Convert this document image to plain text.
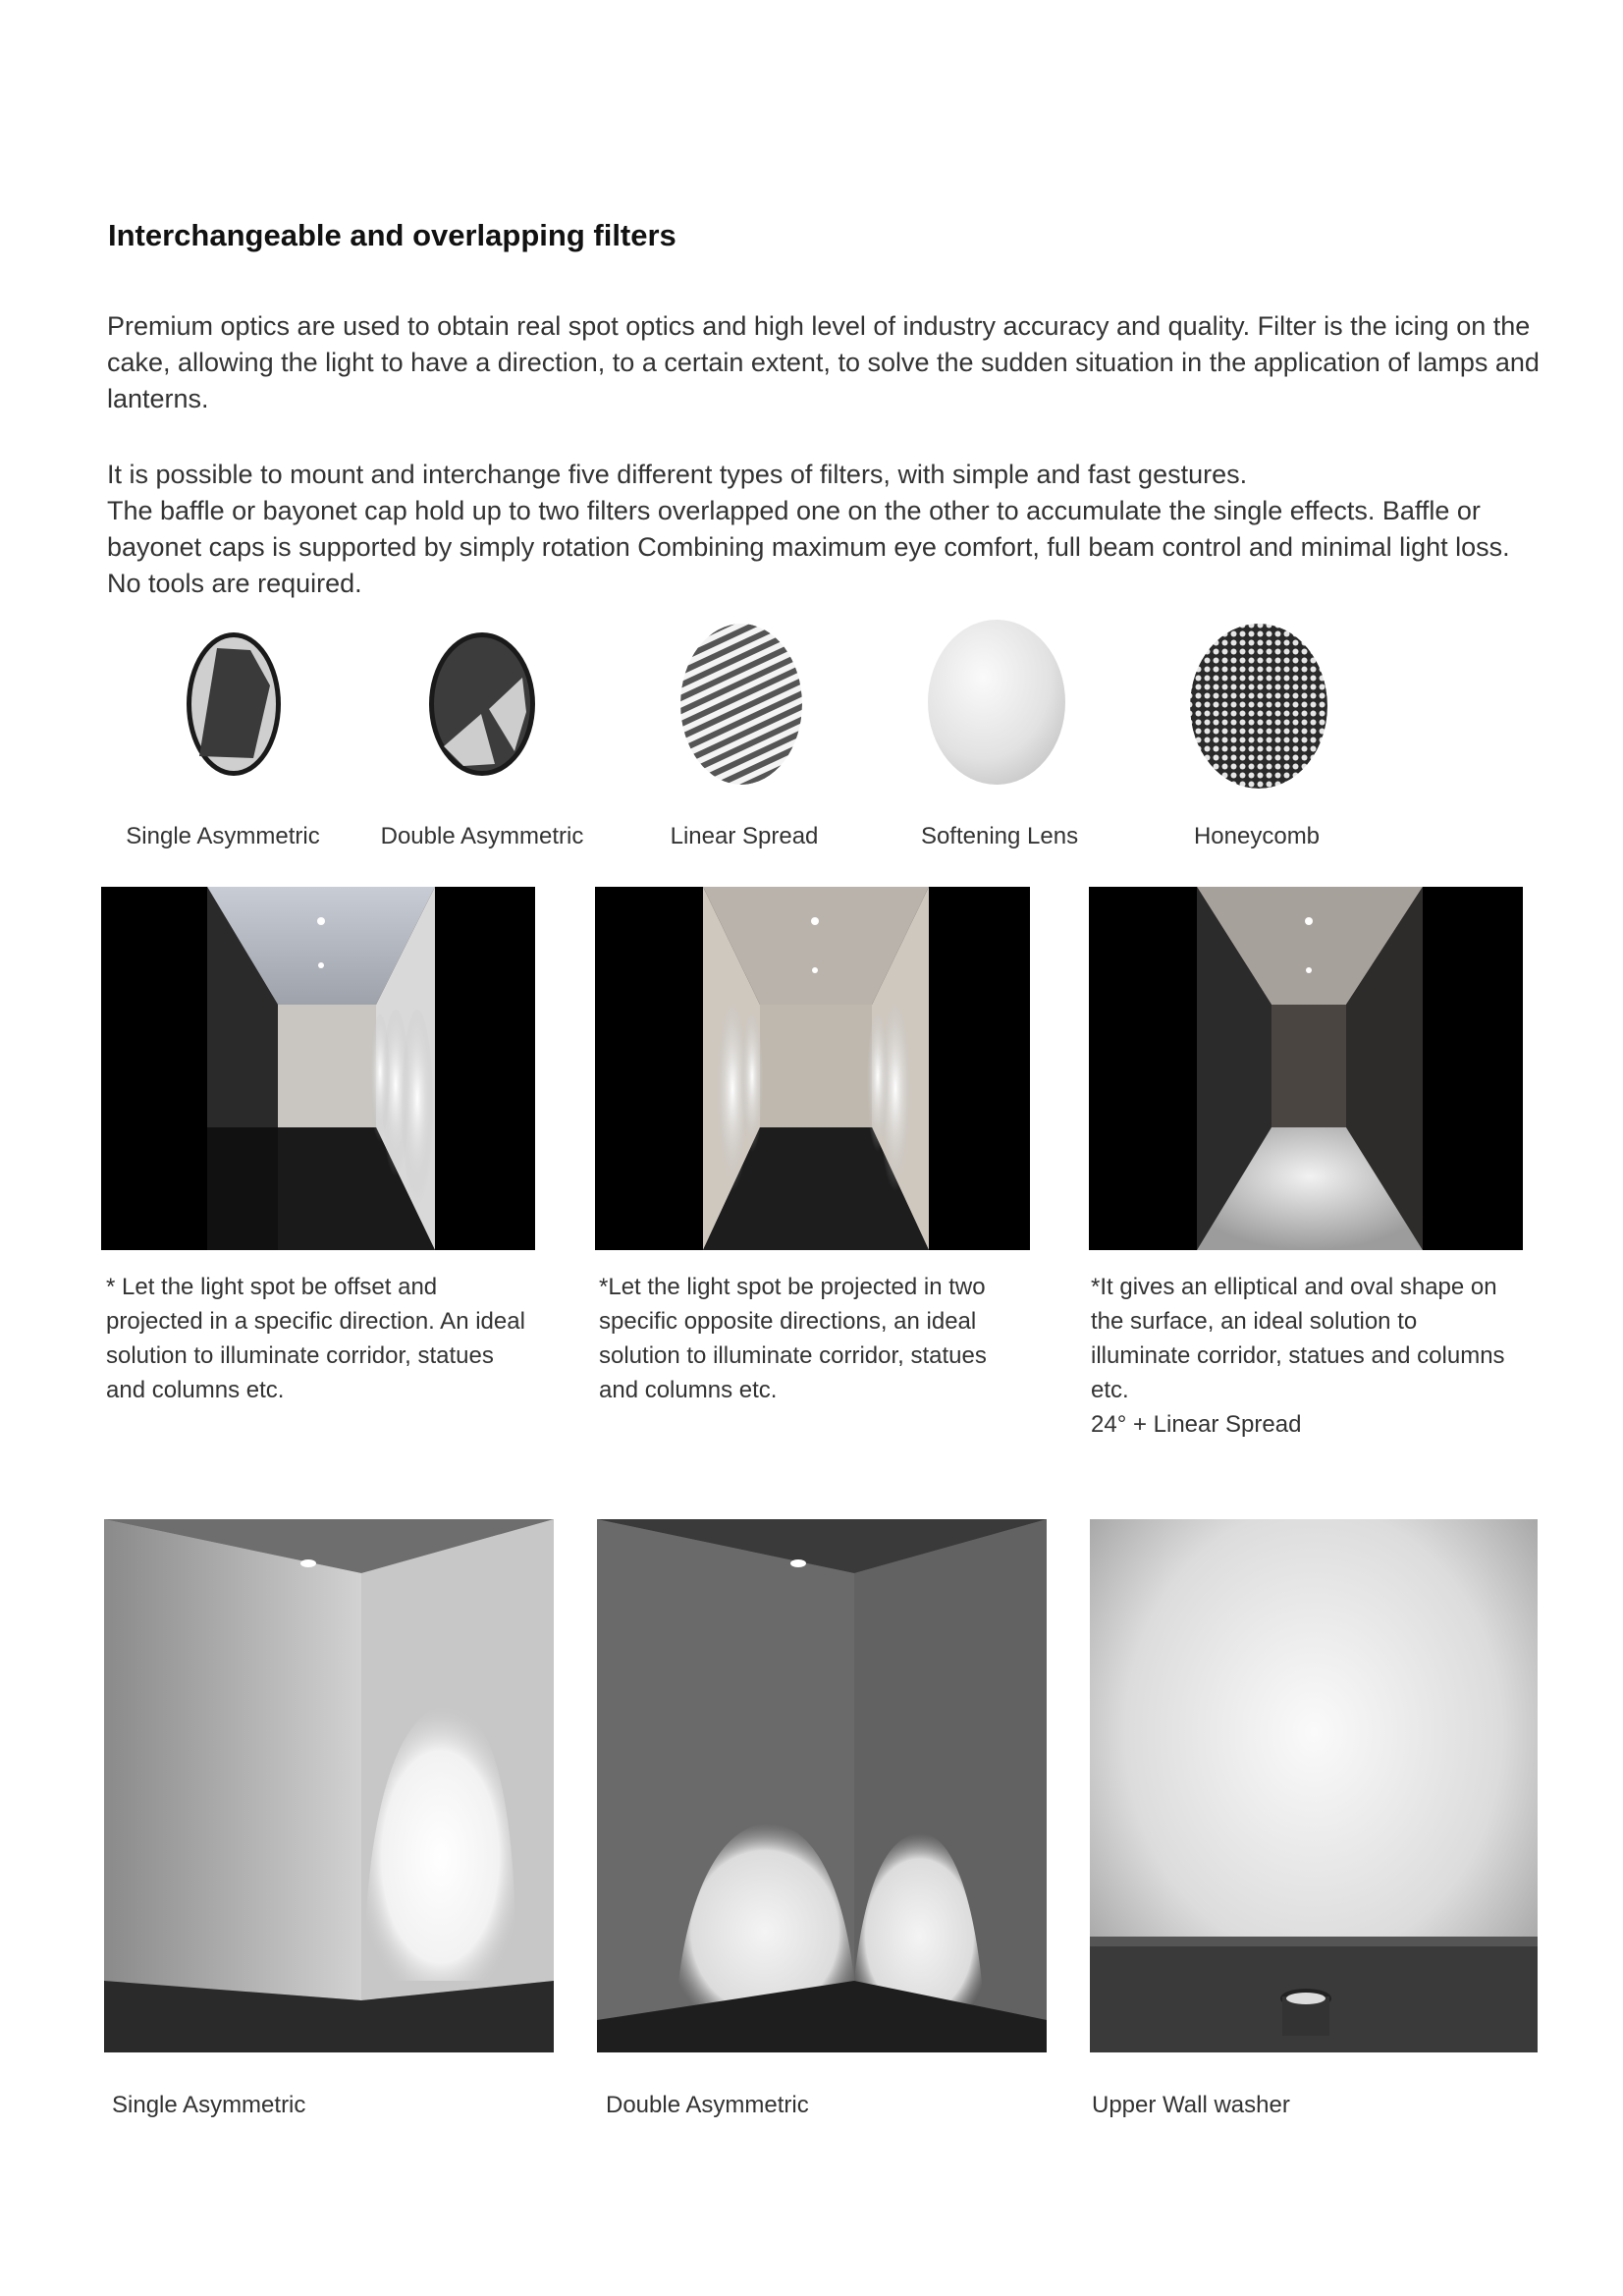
Interchangeable and overlapping filters

Premium optics are used to obtain real spot optics and high level of industry accuracy and quality. Filter is the icing on the cake, allowing the light to have a direction, to a certain extent, to solve the sudden situation in the application of lamps and lanterns.

It is possible to mount and interchange five different types of filters, with simple and fast gestures.
The baffle or bayonet cap hold up to two filters overlapped one on the other to accumulate the single effects. Baffle or bayonet caps is supported by simply rotation Combining maximum eye comfort, full beam control and minimal light loss. No tools are required.
Single Asymmetric	Double Asymmetric	Linear Spread	Softening Lens	Honeycomb
* Let the light spot be offset and
projected in a specific direction. An ideal
solution to illuminate corridor, statues
and columns etc.
*Let the light spot be projected in two
specific opposite directions, an ideal
solution to illuminate corridor, statues
and columns etc.
*It gives an elliptical and oval shape on
the surface, an ideal solution to
illuminate corridor, statues and columns
etc.
24° + Linear Spread
Single Asymmetric	Double Asymmetric	Upper Wall washer
